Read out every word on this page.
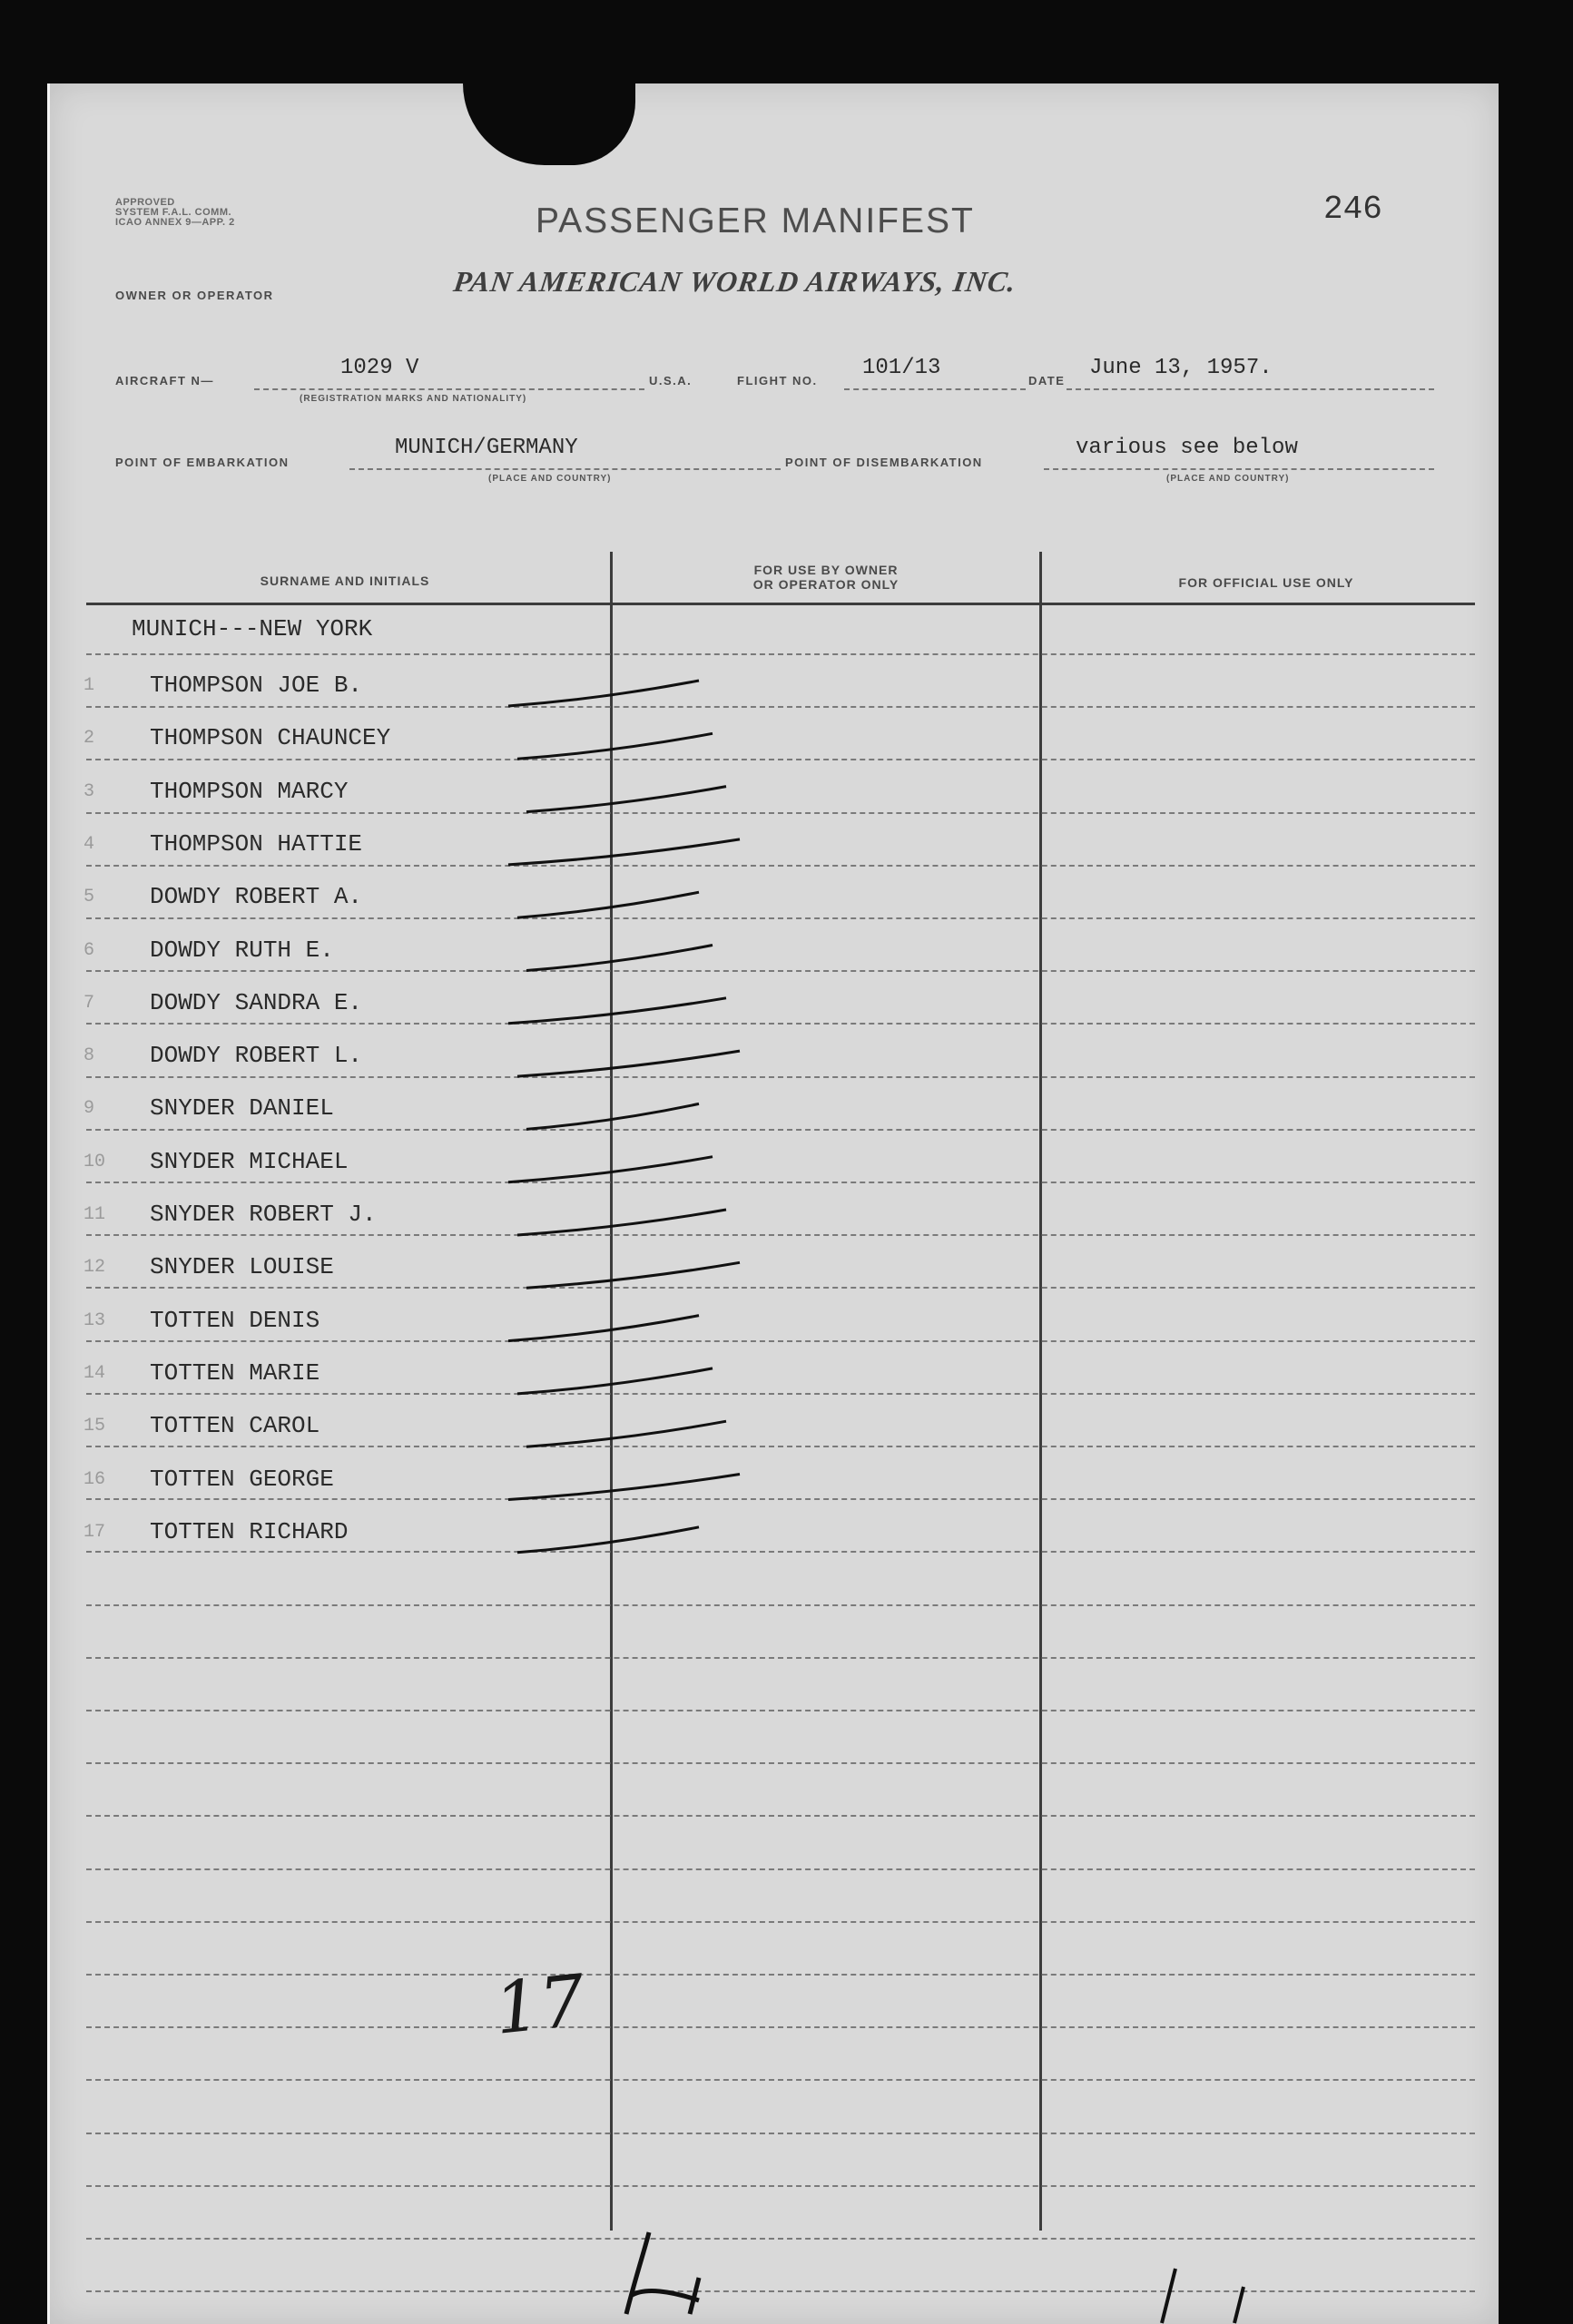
APPROVED
SYSTEM F.A.L. COMM.
ICAO ANNEX 9—APP. 2	PASSENGER MANIFEST	246
OWNER OR OPERATOR	PAN AMERICAN WORLD AIRWAYS, INC.
AIRCRAFT N—
1029 V
(REGISTRATION MARKS AND NATIONALITY)
U.S.A.	FLIGHT NO.
101/13
DATE
June 13, 1957.
POINT OF EMBARKATION
MUNICH/GERMANY
(PLACE AND COUNTRY)
POINT OF DISEMBARKATION
various see below
(PLACE AND COUNTRY)
SURNAME AND INITIALS
FOR USE BY OWNER
OR OPERATOR ONLY	FOR OFFICIAL USE ONLY
MUNICH---NEW YORK
1 THOMPSON JOE B.
2 THOMPSON CHAUNCEY
3 THOMPSON MARCY
4 THOMPSON HATTIE
5 DOWDY ROBERT A.
6 DOWDY RUTH E.
7 DOWDY SANDRA E.
8 DOWDY ROBERT L.
9 SNYDER DANIEL
10 SNYDER MICHAEL
11 SNYDER ROBERT J.
12 SNYDER LOUISE
13 TOTTEN DENIS
14 TOTTEN MARIE
15 TOTTEN CAROL
16 TOTTEN GEORGE
17 TOTTEN RICHARD
17
